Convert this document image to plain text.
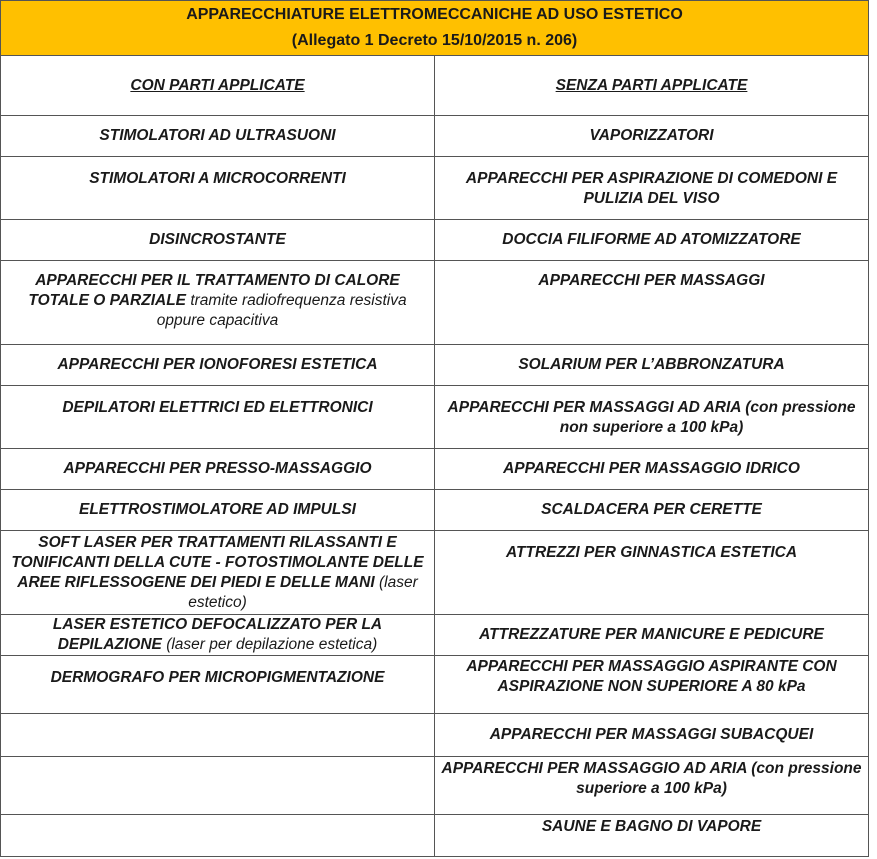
APPARECCHIATURE ELETTROMECCANICHE AD USO ESTETICO
(Allegato 1 Decreto 15/10/2015 n. 206)	

CON PARTI APPLICATE	SENZA PARTI APPLICATE
STIMOLATORI AD ULTRASUONI	VAPORIZZATORI
STIMOLATORI A MICROCORRENTI	APPARECCHI PER ASPIRAZIONE DI COMEDONI E PULIZIA DEL VISO
DISINCROSTANTE	DOCCIA FILIFORME AD ATOMIZZATORE
APPARECCHI PER IL TRATTAMENTO DI CALORE TOTALE O PARZIALE tramite radiofrequenza resistiva oppure capacitiva	APPARECCHI PER MASSAGGI
APPARECCHI PER IONOFORESI ESTETICA	SOLARIUM PER L’ABBRONZATURA
DEPILATORI ELETTRICI ED ELETTRONICI	APPARECCHI PER MASSAGGI AD ARIA (con pressione non superiore a 100 kPa)
APPARECCHI PER PRESSO-MASSAGGIO	APPARECCHI PER MASSAGGIO IDRICO
ELETTROSTIMOLATORE AD IMPULSI	SCALDACERA PER CERETTE
SOFT LASER PER TRATTAMENTI RILASSANTI E TONIFICANTI DELLA CUTE - FOTOSTIMOLANTE DELLE AREE RIFLESSOGENE DEI PIEDI E DELLE MANI (laser estetico)	ATTREZZI PER GINNASTICA ESTETICA
LASER ESTETICO DEFOCALIZZATO PER LA DEPILAZIONE (laser per depilazione estetica)	ATTREZZATURE PER MANICURE E PEDICURE
DERMOGRAFO PER MICROPIGMENTAZIONE	APPARECCHI PER MASSAGGIO ASPIRANTE CON ASPIRAZIONE NON SUPERIORE A 80 kPa
	APPARECCHI PER MASSAGGI SUBACQUEI
	APPARECCHI PER MASSAGGIO AD ARIA (con pressione superiore a 100 kPa)
	SAUNE E BAGNO DI VAPORE
